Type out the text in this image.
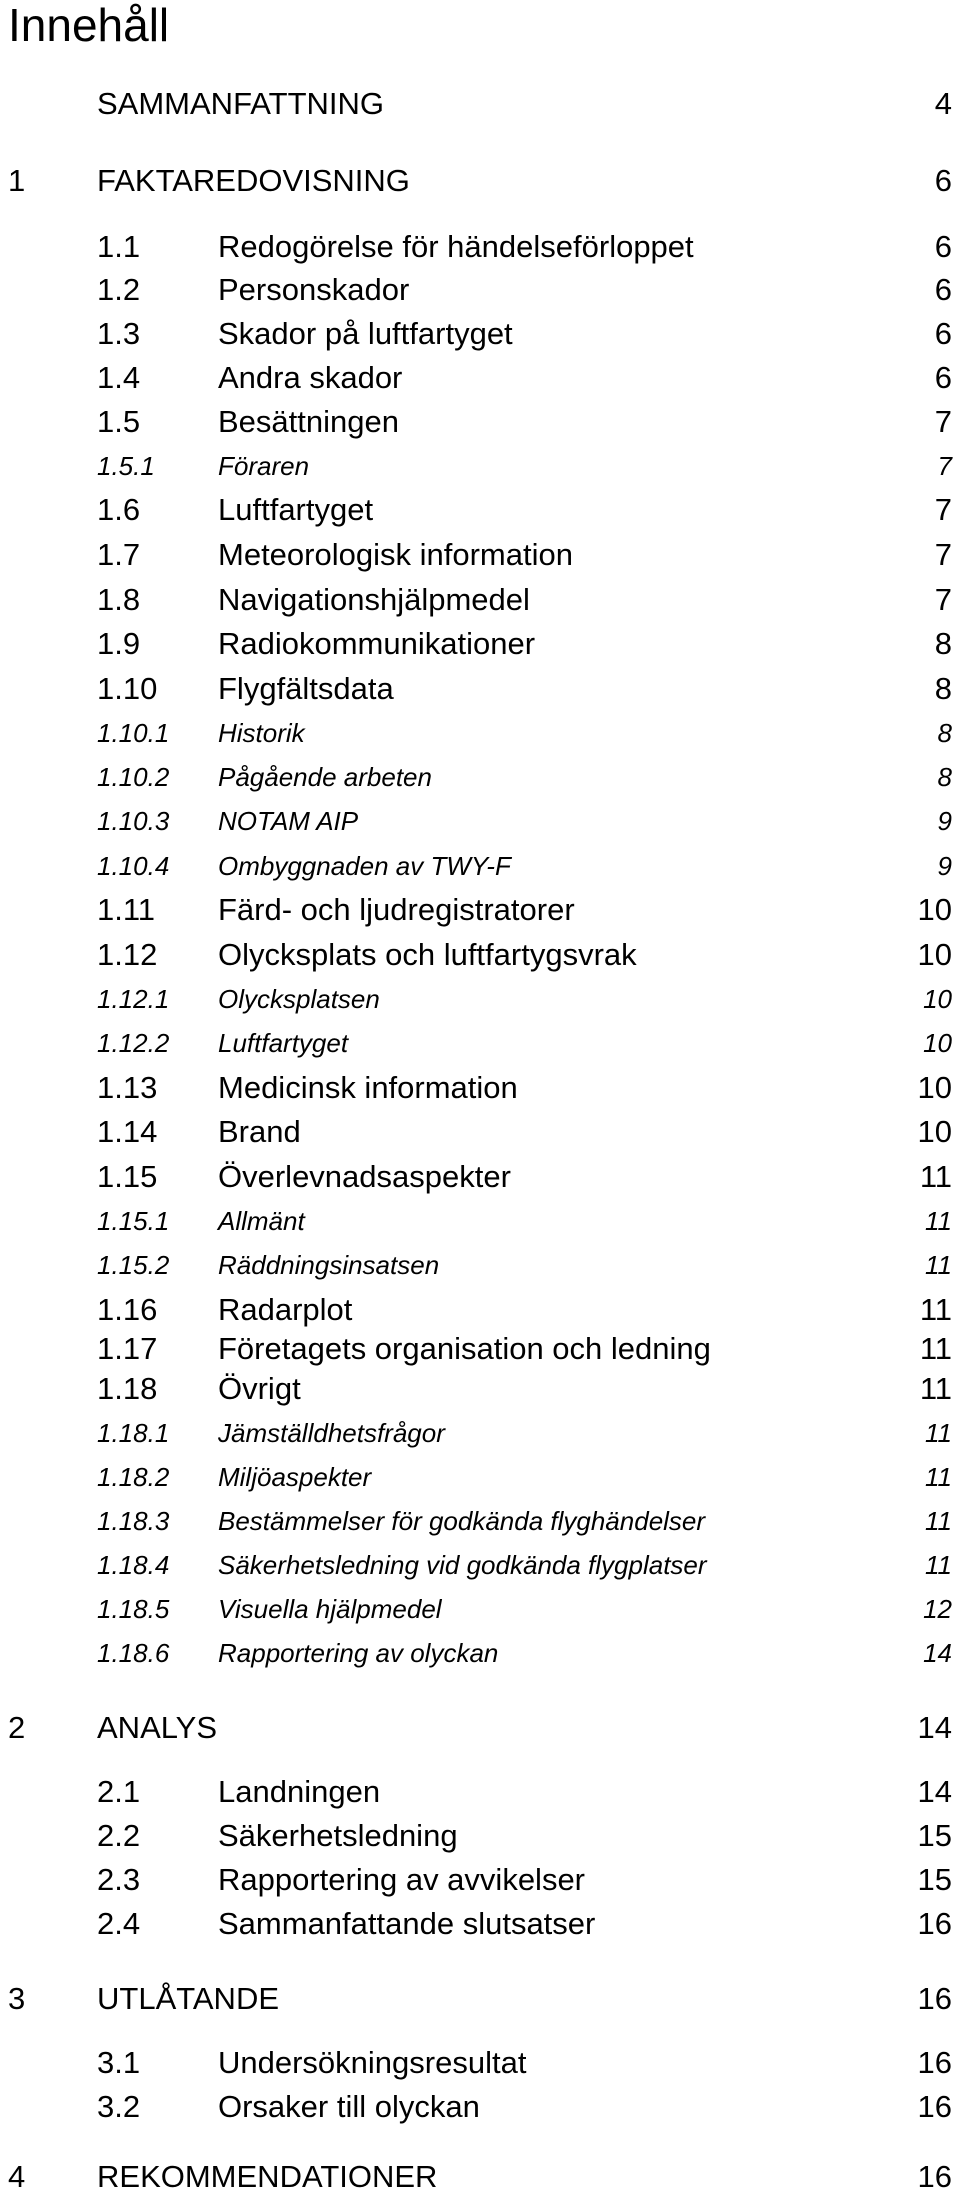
Innehåll
SAMMANFATTNING	4
1 FAKTAREDOVISNING	6
1.1	Redogörelse för händelseförloppet	6
1.2	Personskador	6
1.3	Skador på luftfartyget	6
1.4	Andra skador	6
1.5	Besättningen	7
1.5.1 Föraren	7
1.6	Luftfartyget	7
1.7	Meteorologisk information	7
1.8	Navigationshjälpmedel	7
1.9	Radiokommunikationer	8
1.10 Flygfältsdata	8
1.10.1 Historik	8
1.10.2 Pågående arbeten	8
1.10.3 NOTAM AIP	9
1.10.4 Ombyggnaden av TWY-F	9
1.11 Färd- och ljudregistratorer	10
1.12 Olycksplats och luftfartygsvrak	10
1.12.1 Olycksplatsen	10
1.12.2 Luftfartyget	10
1.13 Medicinsk information	10
1.14 Brand	10
1.15 Överlevnadsaspekter	11
1.15.1 Allmänt	11
1.15.2 Räddningsinsatsen	11
1.16 Radarplot	11
1.17 Företagets organisation och ledning	11
1.18 Övrigt	11
1.18.1 Jämställdhetsfrågor	11
1.18.2 Miljöaspekter	11
1.18.3 Bestämmelser för godkända flyghändelser	11
1.18.4 Säkerhetsledning vid godkända flygplatser	11
1.18.5 Visuella hjälpmedel	12
1.18.6 Rapportering av olyckan	14
2 ANALYS	14
2.1	Landningen	14
2.2	Säkerhetsledning	15
2.3	Rapportering av avvikelser	15
2.4	Sammanfattande slutsatser	16
3 UTLÅTANDE	16
3.1	Undersökningsresultat	16
3.2	Orsaker till olyckan	16
4 REKOMMENDATIONER	16
